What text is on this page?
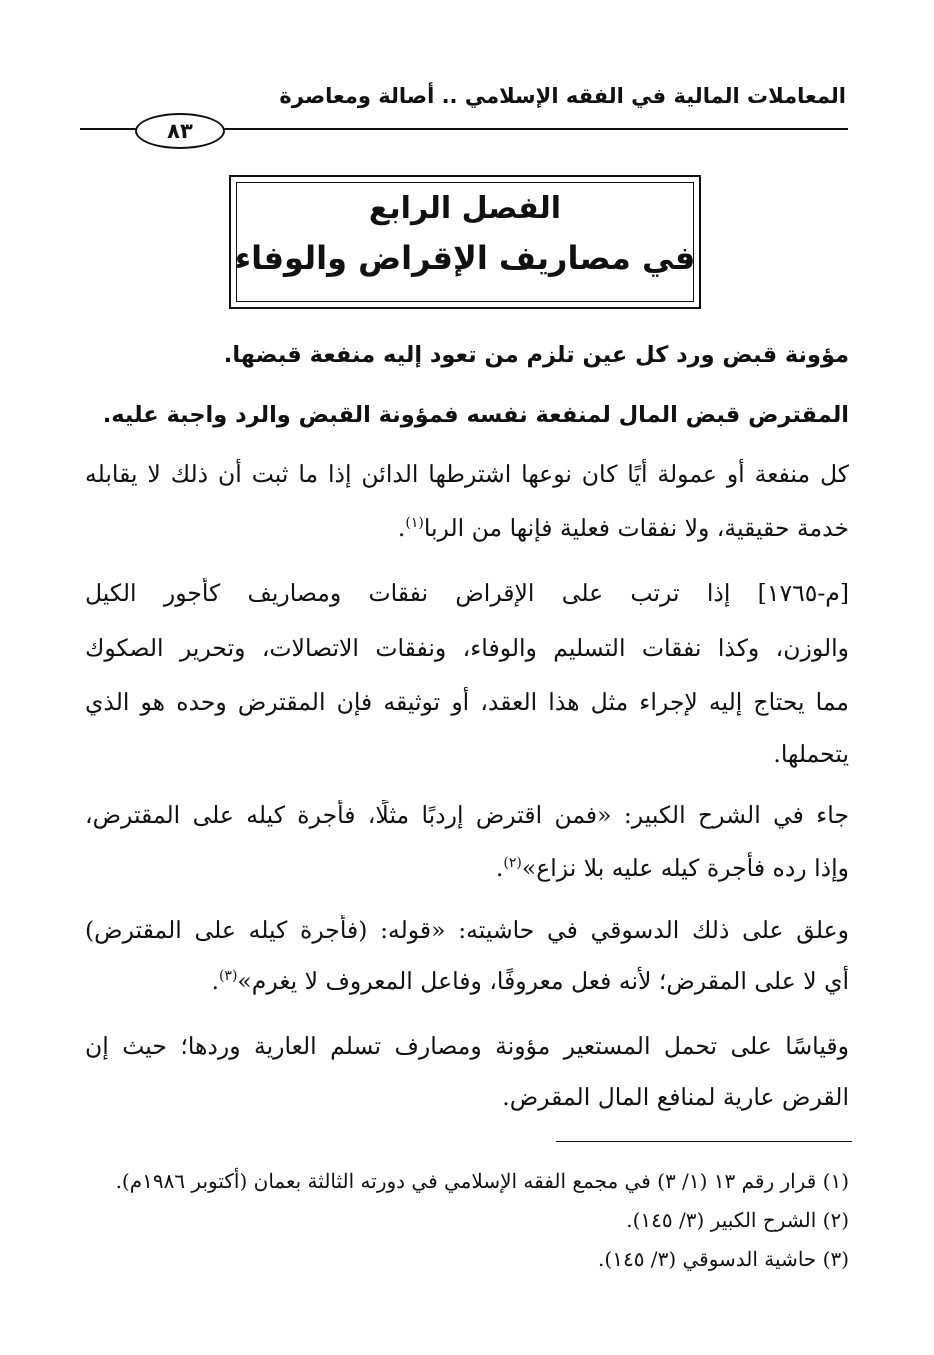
المعاملات المالية في الفقه الإسلامي .. أصالة ومعاصرة
٨٣
الفصل الرابع
في مصاريف الإقراض والوفاء
مؤونة قبض ورد كل عين تلزم من تعود إليه منفعة قبضها.
المقترض قبض المال لمنفعة نفسه فمؤونة القبض والرد واجبة عليه.
كل منفعة أو عمولة أيًا كان نوعها اشترطها الدائن إذا ما ثبت أن ذلك لا يقابله
خدمة حقيقية، ولا نفقات فعلية فإنها من الربا$^{(١)}$.
[م-١٧٦٥] إذا ترتب على الإقراض نفقات ومصاريف كأجور الكيل
والوزن، وكذا نفقات التسليم والوفاء، ونفقات الاتصالات، وتحرير الصكوك
مما يحتاج إليه لإجراء مثل هذا العقد، أو توثيقه فإن المقترض وحده هو الذي
يتحملها.
جاء في الشرح الكبير: «فمن اقترض إردبًا مثلًا، فأجرة كيله على المقترض،
وإذا رده فأجرة كيله عليه بلا نزاع»$^{(٢)}$.
وعلق على ذلك الدسوقي في حاشيته: «قوله: (فأجرة كيله على المقترض)
أي لا على المقرض؛ لأنه فعل معروفًا، وفاعل المعروف لا يغرم»$^{(٣)}$.
وقياسًا على تحمل المستعير مؤونة ومصارف تسلم العارية وردها؛ حيث إن
القرض عارية لمنافع المال المقرض.
(١) قرار رقم ١٣ (١/ ٣) في مجمع الفقه الإسلامي في دورته الثالثة بعمان (أكتوبر ١٩٨٦م).
(٢) الشرح الكبير (٣/ ١٤٥).
(٣) حاشية الدسوقي (٣/ ١٤٥).
